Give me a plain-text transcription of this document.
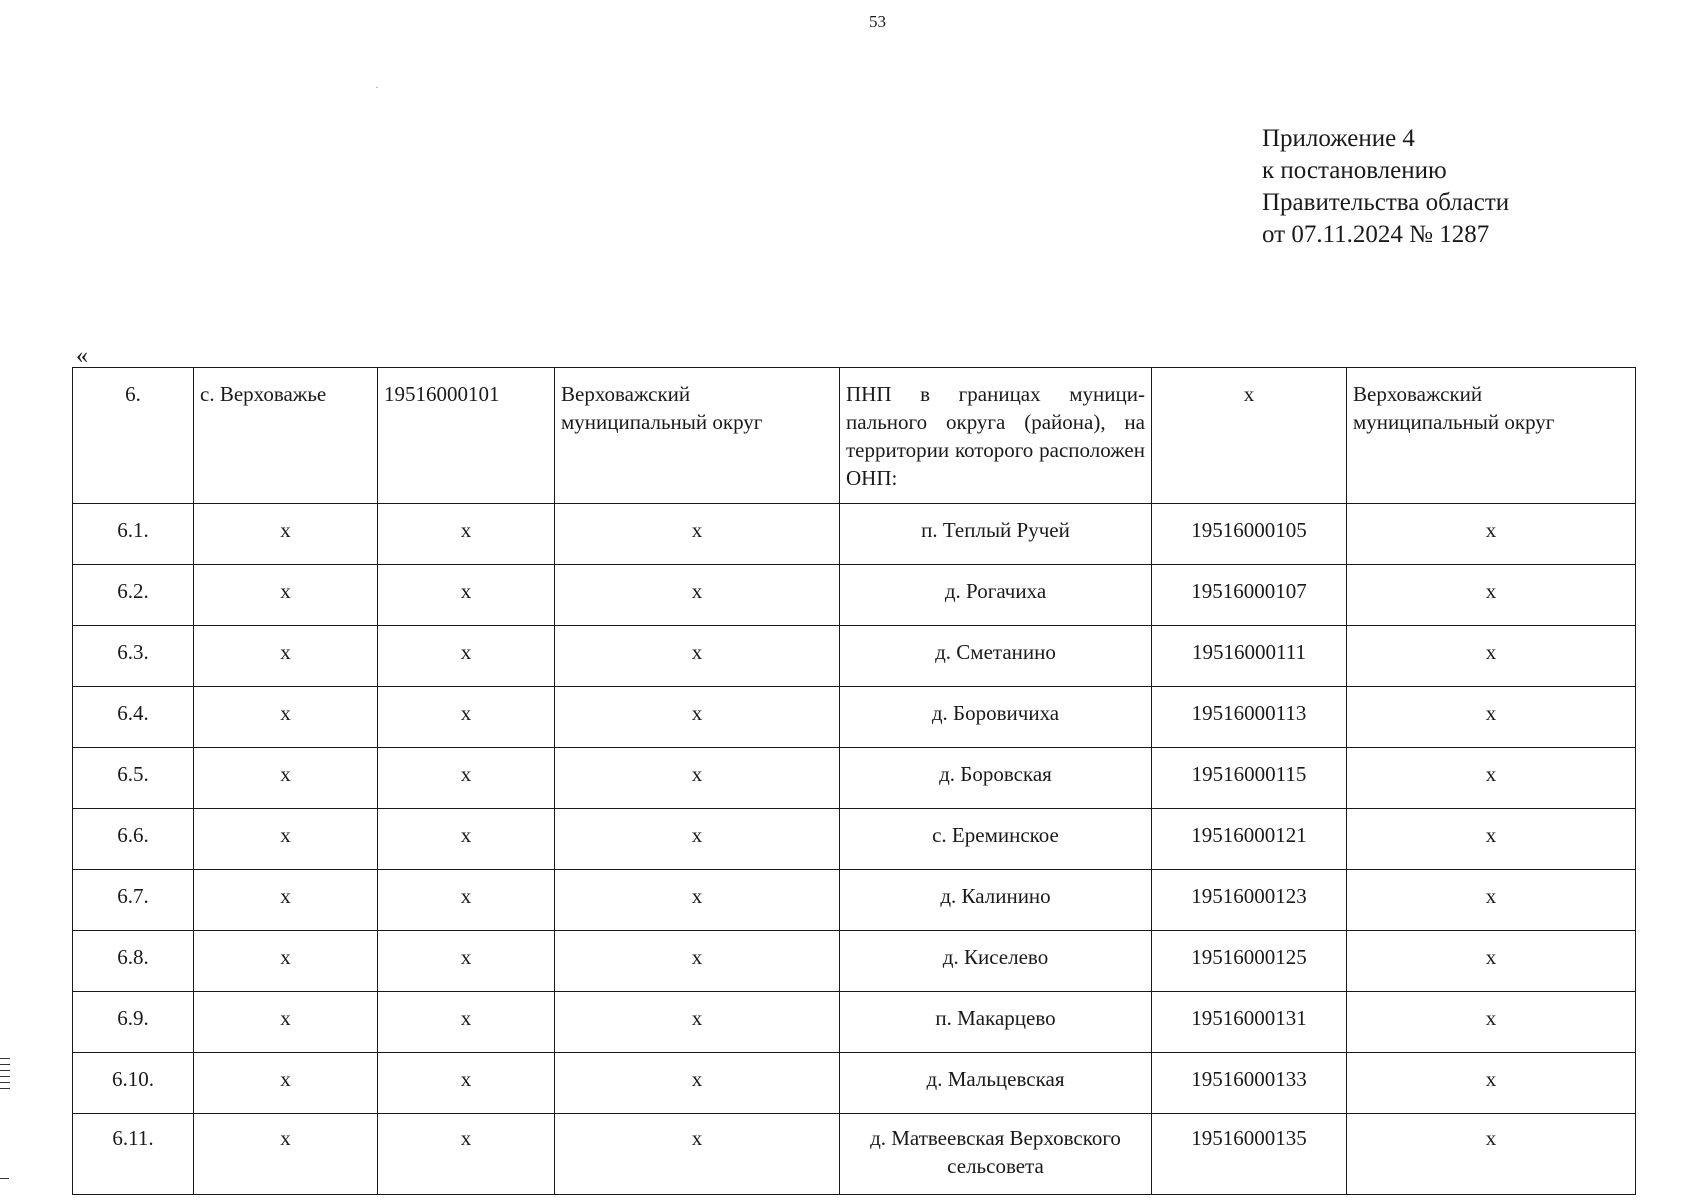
53
Приложение 4
к постановлению
Правительства области
от 07.11.2024 № 1287
«
6.	с. Верховажье	19516000101	Верховажский муниципальный округ	ПНП в границах муници-пального округа (района), на территории которого расположен ОНП:	х	Верховажский муниципальный округ
6.1.	х	х	х	п. Теплый Ручей	19516000105	х
6.2.	х	х	х	д. Рогачиха	19516000107	х
6.3.	х	х	х	д. Сметанино	19516000111	х
6.4.	х	х	х	д. Боровичиха	19516000113	х
6.5.	х	х	х	д. Боровская	19516000115	х
6.6.	х	х	х	с. Ереминское	19516000121	х
6.7.	х	х	х	д. Калинино	19516000123	х
6.8.	х	х	х	д. Киселево	19516000125	х
6.9.	х	х	х	п. Макарцево	19516000131	х
6.10.	х	х	х	д. Мальцевская	19516000133	х
6.11.	х	х	х	д. Матвеевская Верховского сельсовета	19516000135	х
